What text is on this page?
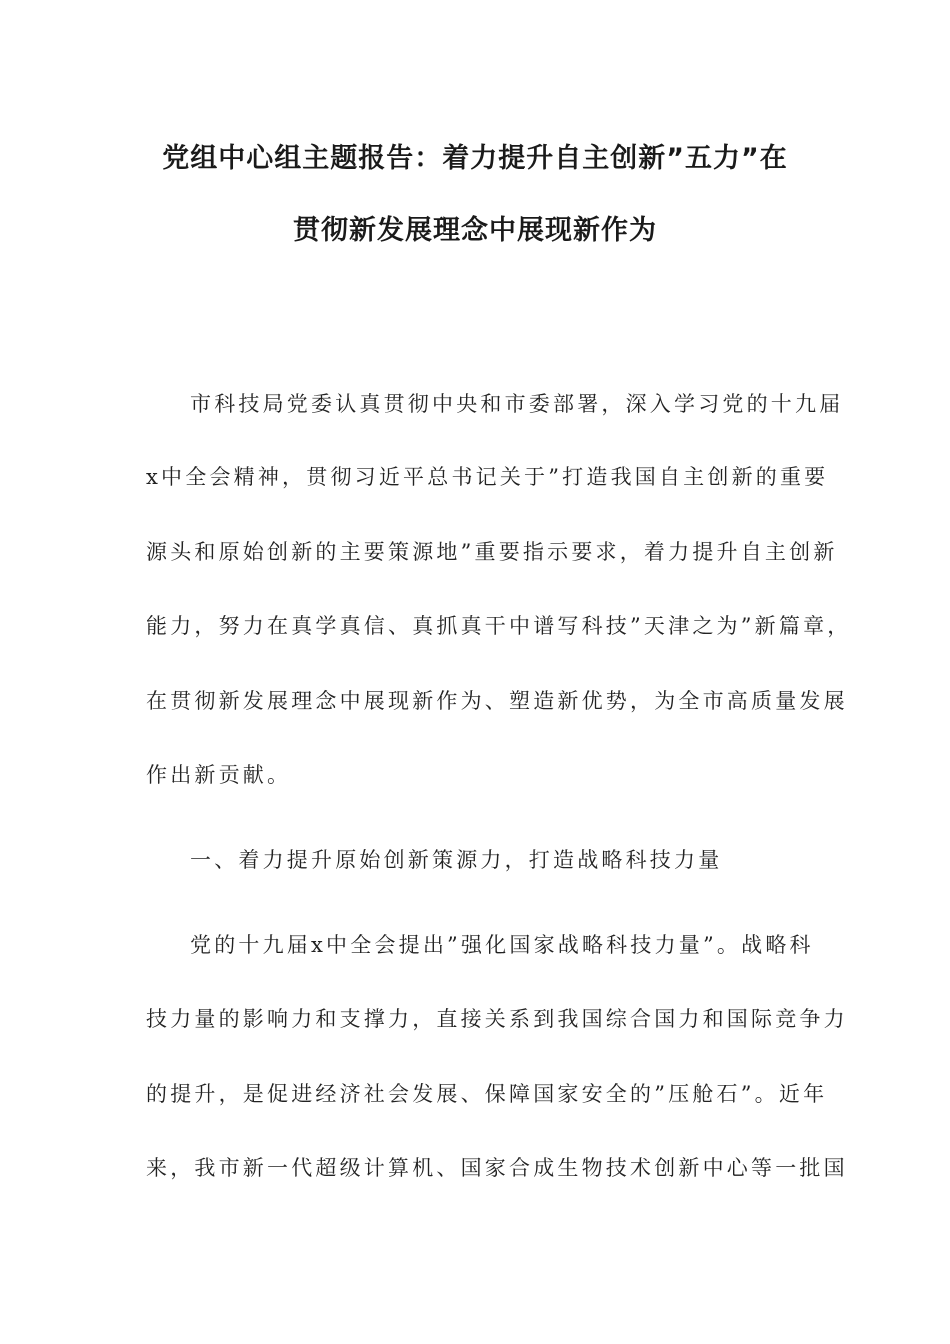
党组中心组主题报告：着力提升自主创新”五力”在
贯彻新发展理念中展现新作为
市科技局党委认真贯彻中央和市委部署，深入学习党的十九届
x中全会精神，贯彻习近平总书记关于”打造我国自主创新的重要
源头和原始创新的主要策源地”重要指示要求，着力提升自主创新
能力，努力在真学真信、真抓真干中谱写科技”天津之为”新篇章，
在贯彻新发展理念中展现新作为、塑造新优势，为全市高质量发展
作出新贡献。
一、着力提升原始创新策源力，打造战略科技力量
党的十九届x中全会提出”强化国家战略科技力量”。战略科
技力量的影响力和支撑力，直接关系到我国综合国力和国际竞争力
的提升，是促进经济社会发展、保障国家安全的”压舱石”。近年
来，我市新一代超级计算机、国家合成生物技术创新中心等一批国
